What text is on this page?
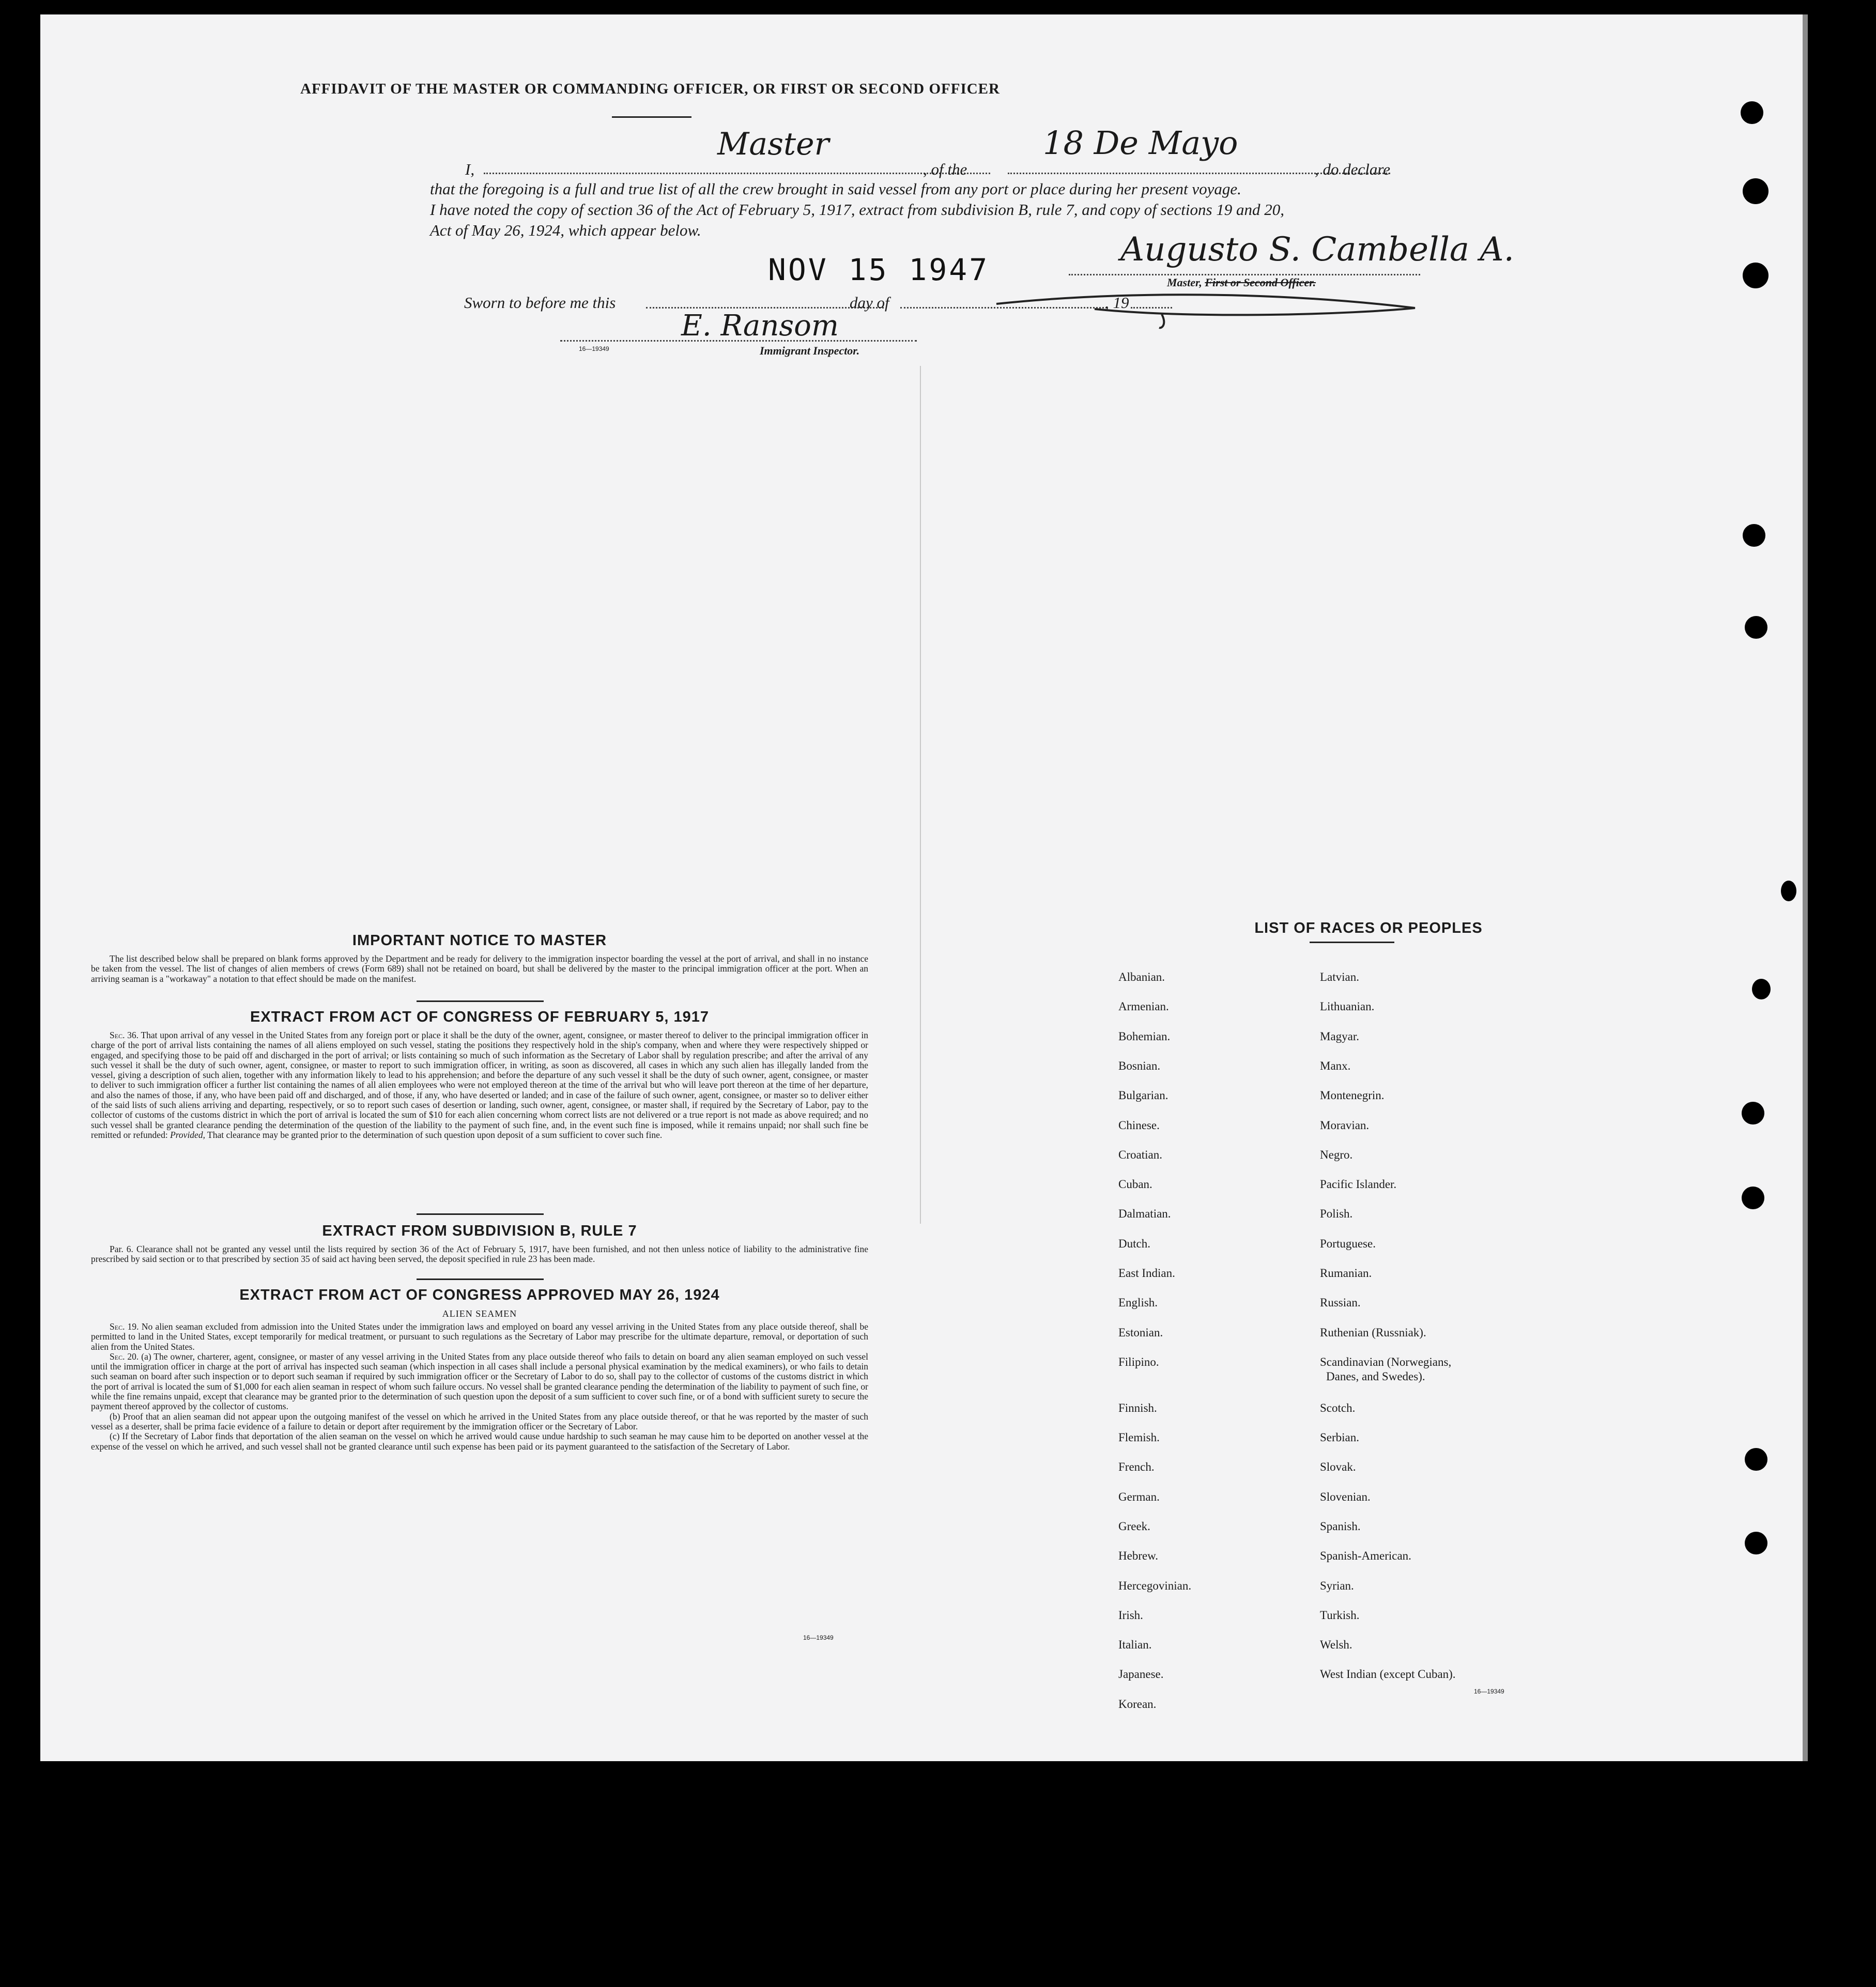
AFFIDAVIT OF THE MASTER OR COMMANDING OFFICER, OR FIRST OR SECOND OFFICER
I,
Master
, of the
18 De Mayo
, do declare
that the foregoing is a full and true list of all the crew brought in said vessel from any port or place during her present voyage.
I have noted the copy of section 36 of the Act of February 5, 1917, extract from subdivision B, rule 7, and copy of sections 19 and 20,
Act of May 26, 1924, which appear below.
NOV 15 1947
Augusto S. Cambella A.
Master, First or Second Officer.
Sworn to before me this	day of	, 19
E. Ransom
16—19349	Immigrant Inspector.
IMPORTANT NOTICE TO MASTER
The list described below shall be prepared on blank forms approved by the Department and be ready for delivery to the immigration inspector boarding the vessel at the port of arrival, and shall in no instance be taken from the vessel. The list of changes of alien members of crews (Form 689) shall not be retained on board, but shall be delivered by the master to the principal immigration officer at the port. When an arriving seaman is a "workaway" a notation to that effect should be made on the manifest.
EXTRACT FROM ACT OF CONGRESS OF FEBRUARY 5, 1917
Sec. 36. That upon arrival of any vessel in the United States from any foreign port or place it shall be the duty of the owner, agent, consignee, or master thereof to deliver to the principal immigration officer in charge of the port of arrival lists containing the names of all aliens employed on such vessel, stating the positions they respectively hold in the ship's company, when and where they were respectively shipped or engaged, and specifying those to be paid off and discharged in the port of arrival; or lists containing so much of such information as the Secretary of Labor shall by regulation prescribe; and after the arrival of any such vessel it shall be the duty of such owner, agent, consignee, or master to report to such immigration officer, in writing, as soon as discovered, all cases in which any such alien has illegally landed from the vessel, giving a description of such alien, together with any information likely to lead to his apprehension; and before the departure of any such vessel it shall be the duty of such owner, agent, consignee, or master to deliver to such immigration officer a further list containing the names of all alien employees who were not employed thereon at the time of the arrival but who will leave port thereon at the time of her departure, and also the names of those, if any, who have been paid off and discharged, and of those, if any, who have deserted or landed; and in case of the failure of such owner, agent, consignee, or master so to deliver either of the said lists of such aliens arriving and departing, respectively, or so to report such cases of desertion or landing, such owner, agent, consignee, or master shall, if required by the Secretary of Labor, pay to the collector of customs of the customs district in which the port of arrival is located the sum of $10 for each alien concerning whom correct lists are not delivered or a true report is not made as above required; and no such vessel shall be granted clearance pending the determination of the question of the liability to the payment of such fine, and, in the event such fine is imposed, while it remains unpaid; nor shall such fine be remitted or refunded: Provided, That clearance may be granted prior to the determination of such question upon deposit of a sum sufficient to cover such fine.
EXTRACT FROM SUBDIVISION B, RULE 7
Par. 6. Clearance shall not be granted any vessel until the lists required by section 36 of the Act of February 5, 1917, have been furnished, and not then unless notice of liability to the administrative fine prescribed by said section or to that prescribed by section 35 of said act having been served, the deposit specified in rule 23 has been made.
EXTRACT FROM ACT OF CONGRESS APPROVED MAY 26, 1924
ALIEN SEAMEN
Sec. 19. No alien seaman excluded from admission into the United States under the immigration laws and employed on board any vessel arriving in the United States from any place outside thereof, shall be permitted to land in the United States, except temporarily for medical treatment, or pursuant to such regulations as the Secretary of Labor may prescribe for the ultimate departure, removal, or deportation of such alien from the United States.
Sec. 20. (a) The owner, charterer, agent, consignee, or master of any vessel arriving in the United States from any place outside thereof who fails to detain on board any alien seaman employed on such vessel until the immigration officer in charge at the port of arrival has inspected such seaman (which inspection in all cases shall include a personal physical examination by the medical examiners), or who fails to detain such seaman on board after such inspection or to deport such seaman if required by such immigration officer or the Secretary of Labor to do so, shall pay to the collector of customs of the customs district in which the port of arrival is located the sum of $1,000 for each alien seaman in respect of whom such failure occurs. No vessel shall be granted clearance pending the determination of the liability to payment of such fine, or while the fine remains unpaid, except that clearance may be granted prior to the determination of such question upon the deposit of a sum sufficient to cover such fine, or of a bond with sufficient surety to secure the payment thereof approved by the collector of customs.
(b) Proof that an alien seaman did not appear upon the outgoing manifest of the vessel on which he arrived in the United States from any place outside thereof, or that he was reported by the master of such vessel as a deserter, shall be prima facie evidence of a failure to detain or deport after requirement by the immigration officer or the Secretary of Labor.
(c) If the Secretary of Labor finds that deportation of the alien seaman on the vessel on which he arrived would cause undue hardship to such seaman he may cause him to be deported on another vessel at the expense of the vessel on which he arrived, and such vessel shall not be granted clearance until such expense has been paid or its payment guaranteed to the satisfaction of the Secretary of Labor.
16—19349
LIST OF RACES OR PEOPLES
Albanian.
Armenian.
Bohemian.
Bosnian.
Bulgarian.
Chinese.
Croatian.
Cuban.
Dalmatian.
Dutch.
East Indian.
English.
Estonian.
Filipino.
Finnish.
Flemish.
French.
German.
Greek.
Hebrew.
Hercegovinian.
Irish.
Italian.
Japanese.
Korean.
Latvian.
Lithuanian.
Magyar.
Manx.
Montenegrin.
Moravian.
Negro.
Pacific Islander.
Polish.
Portuguese.
Rumanian.
Russian.
Ruthenian (Russniak).
Scandinavian (Norwegians,
Danes, and Swedes).
Scotch.
Serbian.
Slovak.
Slovenian.
Spanish.
Spanish-American.
Syrian.
Turkish.
Welsh.
West Indian (except Cuban).
16—19349
